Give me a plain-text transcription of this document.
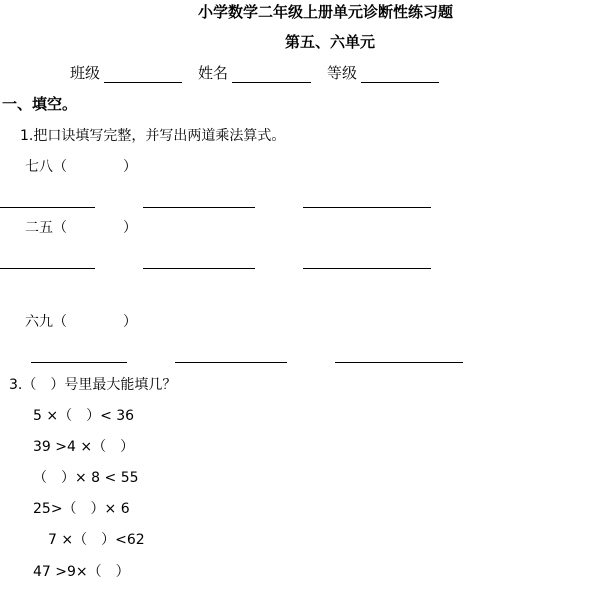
小学数学二年级上册单元诊断性练习题
第五、六单元
班级	姓名	等级
一、填空。
1.把口诀填写完整，并写出两道乘法算式。
七八（　　　　）
二五（　　　　）
六九（　　　　）
3.（　）号里最大能填几？
5 ×（　）< 36
39 >4 ×（　）
（　）× 8 < 55
25>（　）× 6
7 ×（　）<62
47 >9×（　）
